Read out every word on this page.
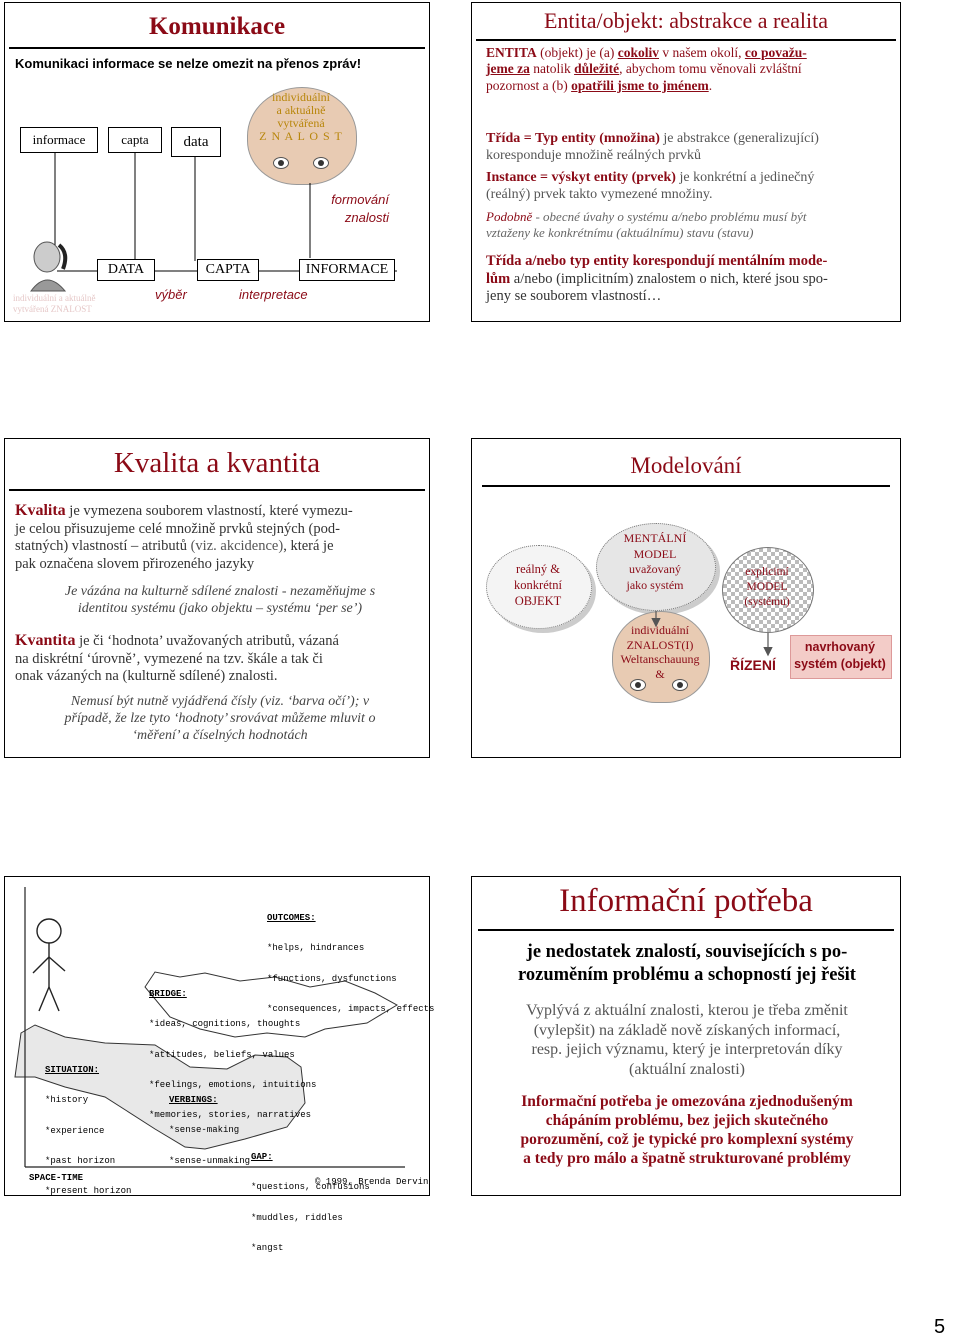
Komunikace
Komunikaci informace se nelze omezit na přenos zpráv!
informace	capta	data
individuální
a aktuálně
vytvářená
Z N A L O S T
formování
znalosti
DATA	CAPTA	INFORMACE
výběr	interpretace
individuální a aktuálně
vytvářená ZNALOST
Entita/objekt: abstrakce a realita
ENTITA (objekt) je (a) cokoliv v našem okolí, co považu-
jeme za natolik důležité, abychom tomu věnovali zvláštní
pozornost a (b) opatřili jsme to jménem.
Třída = Typ entity (množina) je abstrakce (generalizující)
koresponduje množině reálných prvků
Instance = výskyt entity (prvek) je konkrétní a jedinečný
(reálný) prvek takto vymezené množiny.
Podobně - obecné úvahy o systému a/nebo problému musí být
vztaženy ke konkrétnímu (aktuálnímu) stavu (stavu)
Třída a/nebo typ entity korespondují mentálním mode-
lům a/nebo (implicitním) znalostem o nich, které jsou spo-
jeny se souborem vlastností…
Kvalita a kvantita
Kvalita je vymezena souborem vlastností, které vymezu-
je celou přisuzujeme celé množině prvků stejných (pod-
statných) vlastností – atributů (viz. akcidence), která je
pak označena slovem přirozeného jazyky
Je vázána na kulturně sdílené znalosti - nezaměňujme s
identitou systému (jako objektu – systému ‘per se’)
Kvantita je či ‘hodnota’ uvažovaných atributů, vázaná
na diskrétní ‘úrovně’, vymezené na tzv. škále a tak či
onak vázaných na (kulturně sdílené) znalosti.
Nemusí být nutně vyjádřená čísly (viz. ‘barva očí’); v
případě, že lze tyto ‘hodnoty’ srovávat můžeme mluvit o
‘měření’ a číselných hodnotách
Modelování
reálný &
konkrétní
OBJEKT
MENTÁLNÍ
MODEL
uvažovaný
jako systém
explicitní
MODEL
(systému)
individuální
ZNALOST(I)
Weltanschauung
&
ŘÍZENÍ
navrhovaný
systém (objekt)

OUTCOMES:

*helps, hindrances

*functions, dysfunctions

*consequences, impacts, effects

BRIDGE:

*ideas, cognitions, thoughts

*attitudes, beliefs, values

*feelings, emotions, intuitions

*memories, stories, narratives

SITUATION:

*history

*experience

*past horizon

*present horizon

VERBINGS:

*sense-making

*sense-unmaking

GAP:

*questions, confusions

*muddles, riddles

*angst

SPACE-TIME	© 1999, Brenda Dervin
Informační potřeba
je nedostatek znalostí, souvisejících s po-
rozuměním problému a schopností jej řešit
Vyplývá z aktuální znalosti, kterou je třeba změnit
(vylepšit) na základě nově získaných informací,
resp. jejich významu, který je interpretován díky
(aktuální znalosti)
Informační potřeba je omezována zjednodušeným
chápáním problému, bez jejich skutečného
porozumění, což je typické pro komplexní systémy
a tedy pro málo a špatně strukturované problémy
5
